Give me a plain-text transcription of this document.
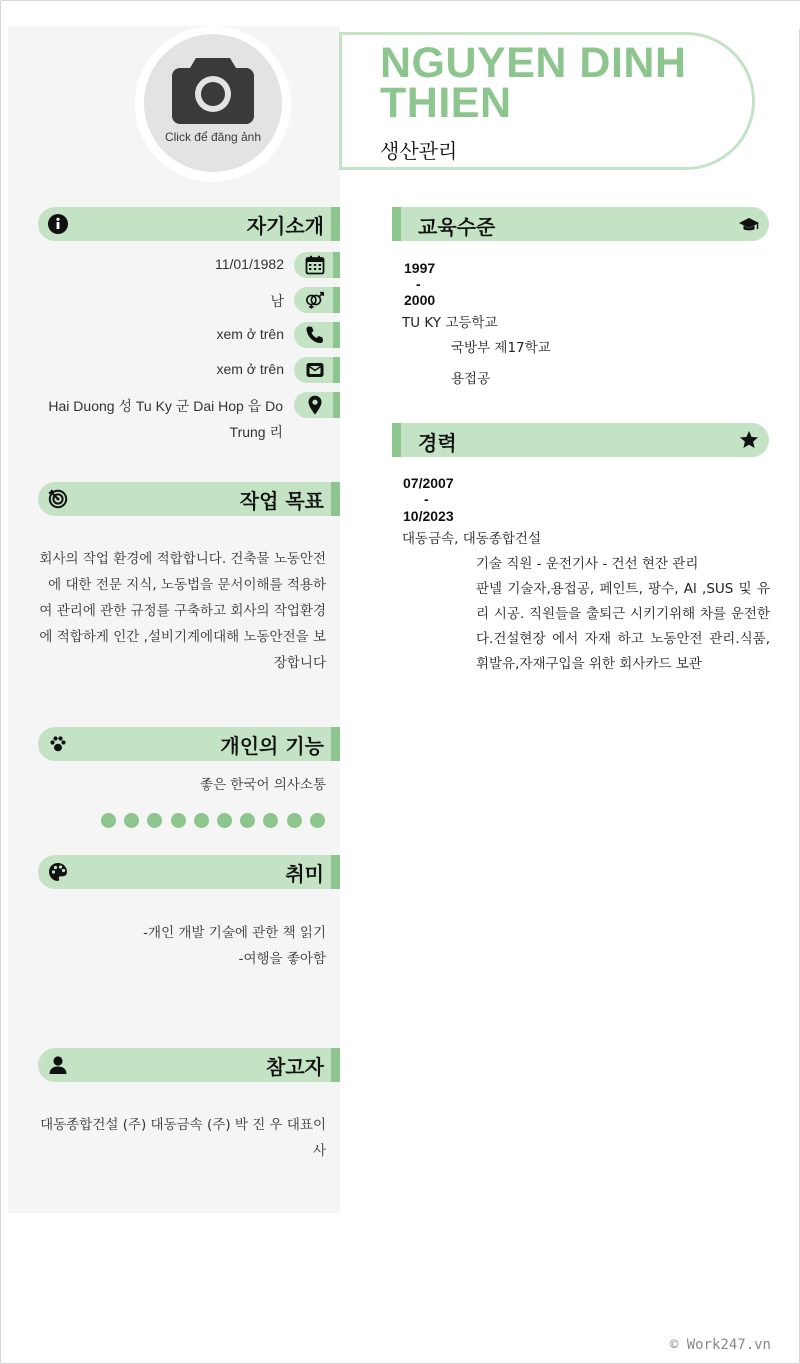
Click để đăng ảnh
NGUYEN DINH THIEN
생산관리
자기소개
11/01/1982
남
xem ở trên
xem ở trên
Hai Duong 성 Tu Ky 군 Dai Hop 읍 Do Trung 리
작업 목표
회사의 작업 환경에 적합합니다. 건축물 노동안전에 대한 전문 지식, 노동법을 문서이해를 적용하여 관리에 관한 규정를 구축하고 회사의 작업환경에 적합하게 인간 ,설비기계에대해 노동안전을 보장합니다
개인의 기능
좋은 한국어 의사소통
취미
-개인 개발 기술에 관한 책 읽기
-여행을 좋아함
참고자
대동종합건설 (주) 대동금속 (주) 박 진 우 대표이사
교육수준
1997
-
2000
TU KY 고등학교
국방부 제17학교
용접공
경력
07/2007
-
10/2023
대동금속, 대동종합건설
기술 직원 - 운전기사 - 건선 현잔 관리
판넬 기술자,용접공, 페인트, 팡수, Al ,SUS 및 유리 시공. 직원들을 출퇴근 시키기위해 차를 운전한다.건설현장 에서 자재 하고 노동안전 관리.식품,휘발유,자재구입을 위한 회사카드 보관
© Work247.vn
